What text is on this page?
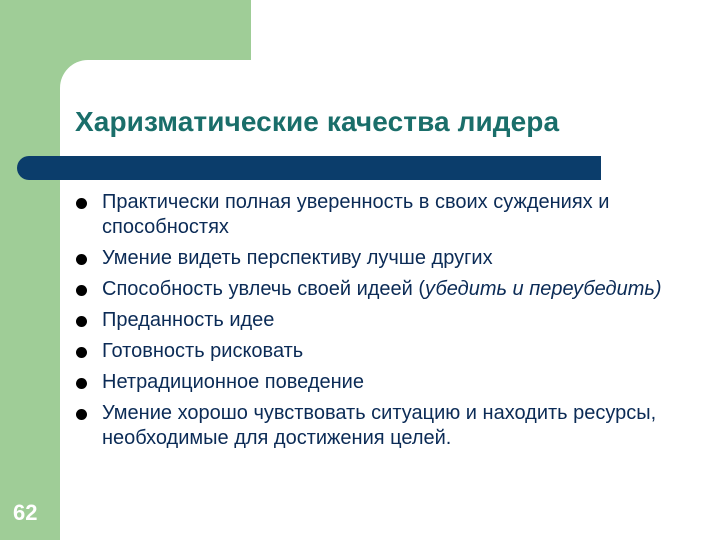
Харизматические качества лидера
Практически полная уверенность в своих суждениях и способностях
Умение видеть перспективу лучше других
Способность увлечь своей идеей (убедить и переубедить)
Преданность идее
Готовность рисковать
Нетрадиционное поведение
Умение хорошо чувствовать ситуацию и находить ресурсы, необходимые для достижения целей.
62
